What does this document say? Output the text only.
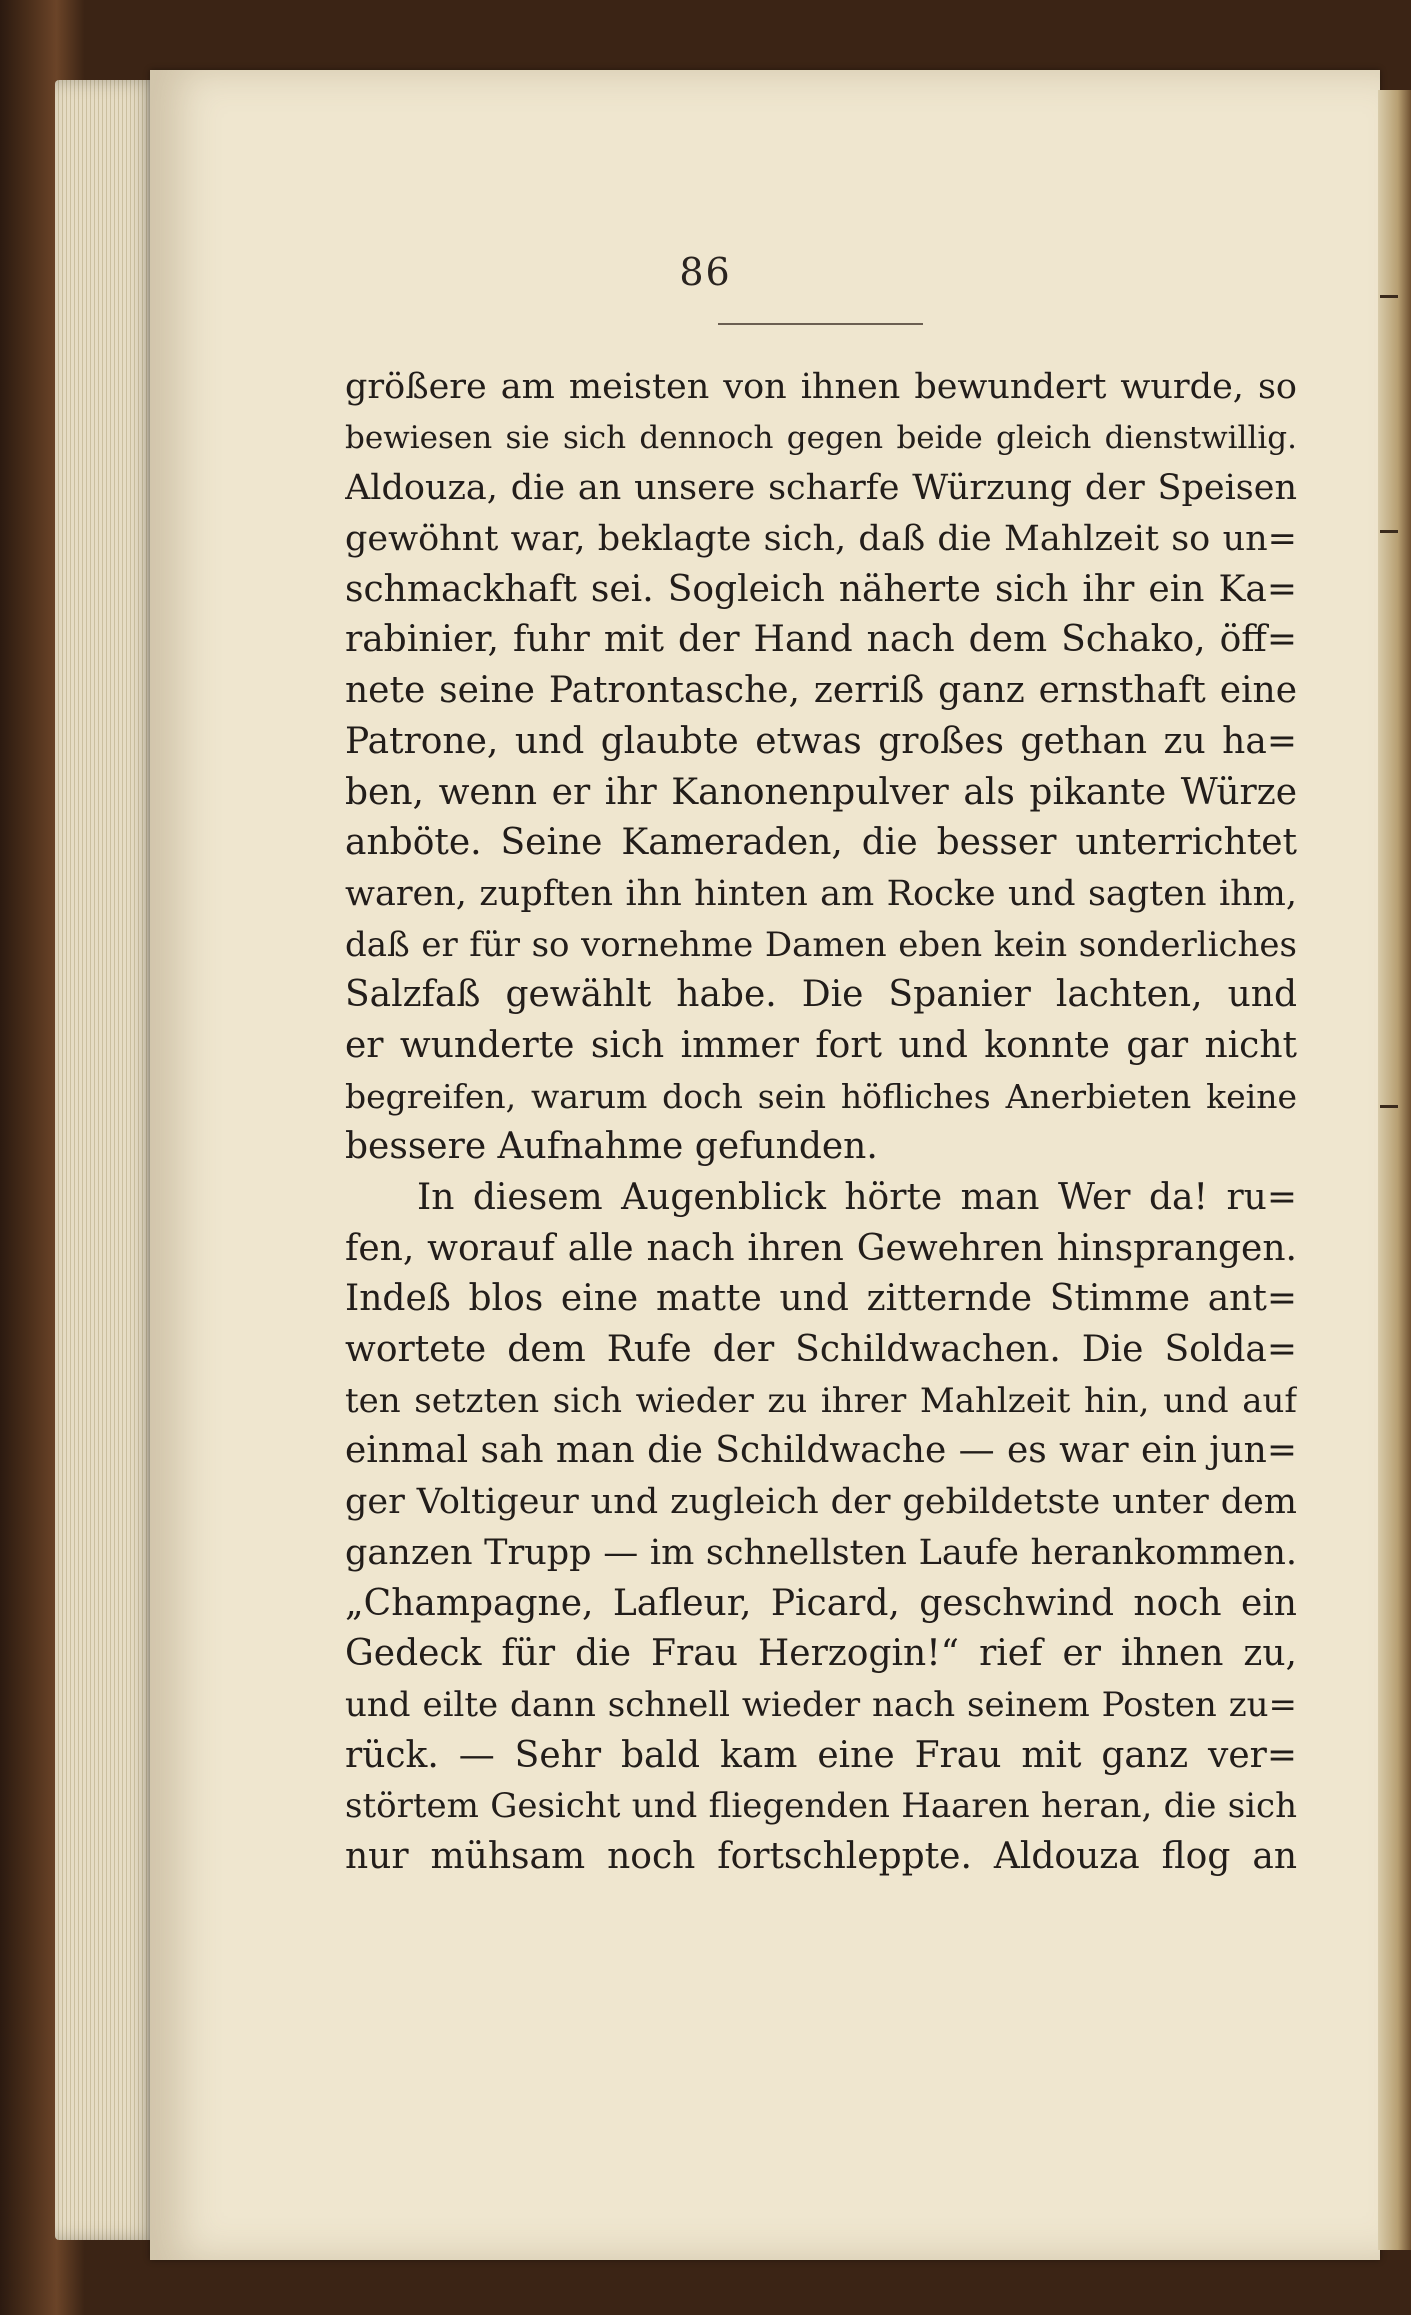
86
größere am meisten von ihnen bewundert wurde, so
bewiesen sie sich dennoch gegen beide gleich dienstwillig.
Aldouza, die an unsere scharfe Würzung der Speisen
gewöhnt war, beklagte sich, daß die Mahlzeit so un=
schmackhaft sei. Sogleich näherte sich ihr ein Ka=
rabinier, fuhr mit der Hand nach dem Schako, öff=
nete seine Patrontasche, zerriß ganz ernsthaft eine
Patrone, und glaubte etwas großes gethan zu ha=
ben, wenn er ihr Kanonenpulver als pikante Würze
anböte. Seine Kameraden, die besser unterrichtet
waren, zupften ihn hinten am Rocke und sagten ihm,
daß er für so vornehme Damen eben kein sonderliches
Salzfaß gewählt habe. Die Spanier lachten, und
er wunderte sich immer fort und konnte gar nicht
begreifen, warum doch sein höfliches Anerbieten keine
bessere Aufnahme gefunden.
In diesem Augenblick hörte man Wer da! ru=
fen, worauf alle nach ihren Gewehren hinsprangen.
Indeß blos eine matte und zitternde Stimme ant=
wortete dem Rufe der Schildwachen. Die Solda=
ten setzten sich wieder zu ihrer Mahlzeit hin, und auf
einmal sah man die Schildwache — es war ein jun=
ger Voltigeur und zugleich der gebildetste unter dem
ganzen Trupp — im schnellsten Laufe herankommen.
„Champagne, Lafleur, Picard, geschwind noch ein
Gedeck für die Frau Herzogin!“ rief er ihnen zu,
und eilte dann schnell wieder nach seinem Posten zu=
rück. — Sehr bald kam eine Frau mit ganz ver=
störtem Gesicht und fliegenden Haaren heran, die sich
nur mühsam noch fortschleppte. Aldouza flog an
